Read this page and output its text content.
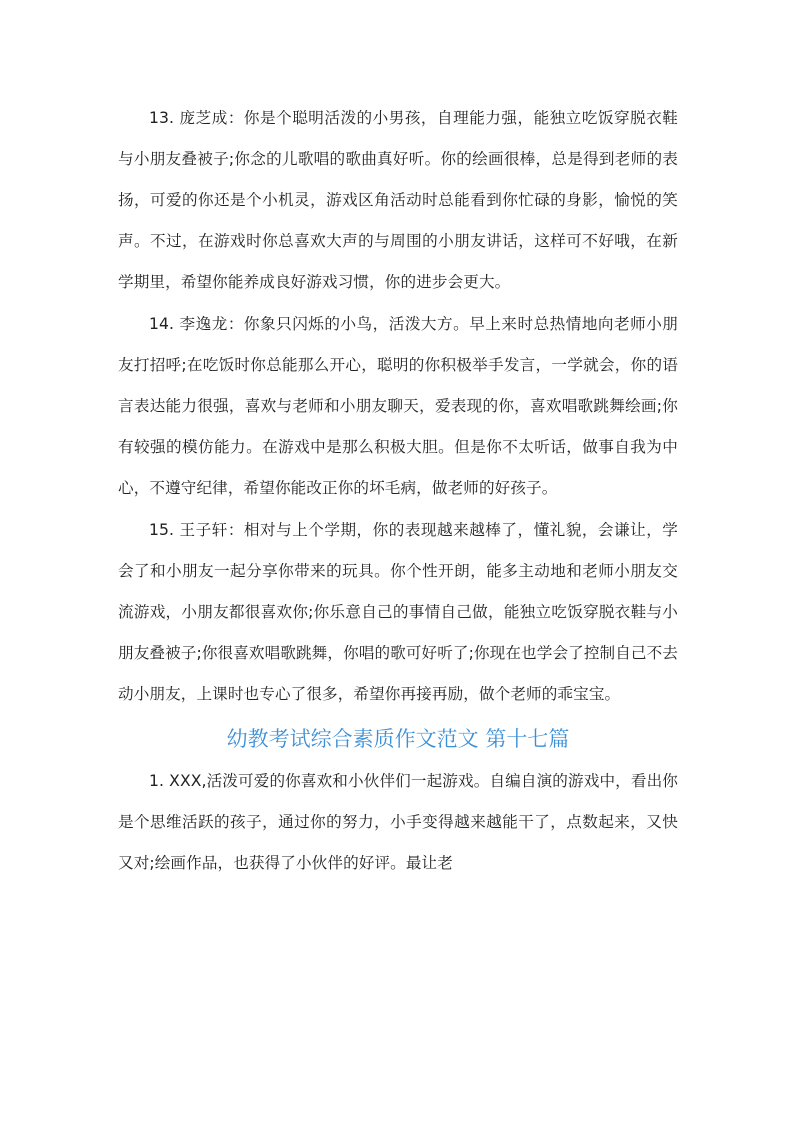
13. 庞芝成：你是个聪明活泼的小男孩，自理能力强，能独立吃饭穿脱衣鞋与小朋友叠被子;你念的儿歌唱的歌曲真好听。你的绘画很棒，总是得到老师的表扬，可爱的你还是个小机灵，游戏区角活动时总能看到你忙碌的身影，愉悦的笑声。不过，在游戏时你总喜欢大声的与周围的小朋友讲话，这样可不好哦，在新学期里，希望你能养成良好游戏习惯，你的进步会更大。

14. 李逸龙：你象只闪烁的小鸟，活泼大方。早上来时总热情地向老师小朋友打招呼;在吃饭时你总能那么开心，聪明的你积极举手发言，一学就会，你的语言表达能力很强，喜欢与老师和小朋友聊天，爱表现的你，喜欢唱歌跳舞绘画;你有较强的模仿能力。在游戏中是那么积极大胆。但是你不太听话，做事自我为中心，不遵守纪律，希望你能改正你的坏毛病，做老师的好孩子。

15. 王子轩：相对与上个学期，你的表现越来越棒了，懂礼貌，会谦让，学会了和小朋友一起分享你带来的玩具。你个性开朗，能多主动地和老师小朋友交流游戏，小朋友都很喜欢你;你乐意自己的事情自己做，能独立吃饭穿脱衣鞋与小朋友叠被子;你很喜欢唱歌跳舞，你唱的歌可好听了;你现在也学会了控制自己不去动小朋友，上课时也专心了很多，希望你再接再励，做个老师的乖宝宝。

幼教考试综合素质作文范文 第十七篇

1. XXX,活泼可爱的你喜欢和小伙伴们一起游戏。自编自演的游戏中，看出你是个思维活跃的孩子，通过你的努力，小手变得越来越能干了，点数起来，又快又对;绘画作品，也获得了小伙伴的好评。最让老
